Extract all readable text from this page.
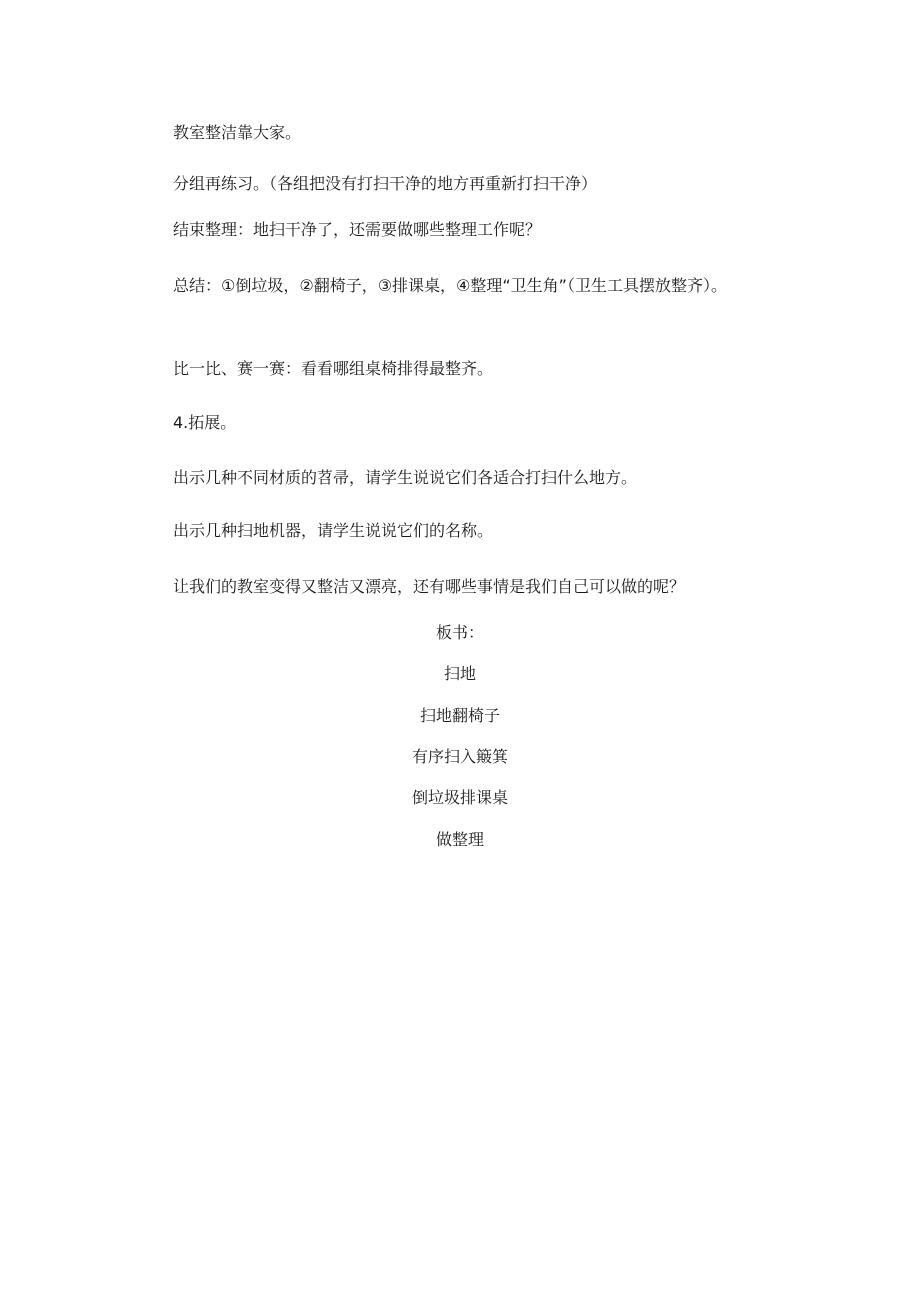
教室整洁靠大家。

分组再练习。（各组把没有打扫干净的地方再重新打扫干净）

结束整理：地扫干净了，还需要做哪些整理工作呢？

总结：①倒垃圾，②翻椅子，③排课桌，④整理“卫生角”（卫生工具摆放整齐）。

比一比、赛一赛：看看哪组桌椅排得最整齐。

4.拓展。

出示几种不同材质的苕帚，请学生说说它们各适合打扫什么地方。

出示几种扫地机器，请学生说说它们的名称。

让我们的教室变得又整洁又漂亮，还有哪些事情是我们自己可以做的呢？

板书：

扫地

扫地翻椅子

有序扫入簸箕

倒垃圾排课桌

做整理
